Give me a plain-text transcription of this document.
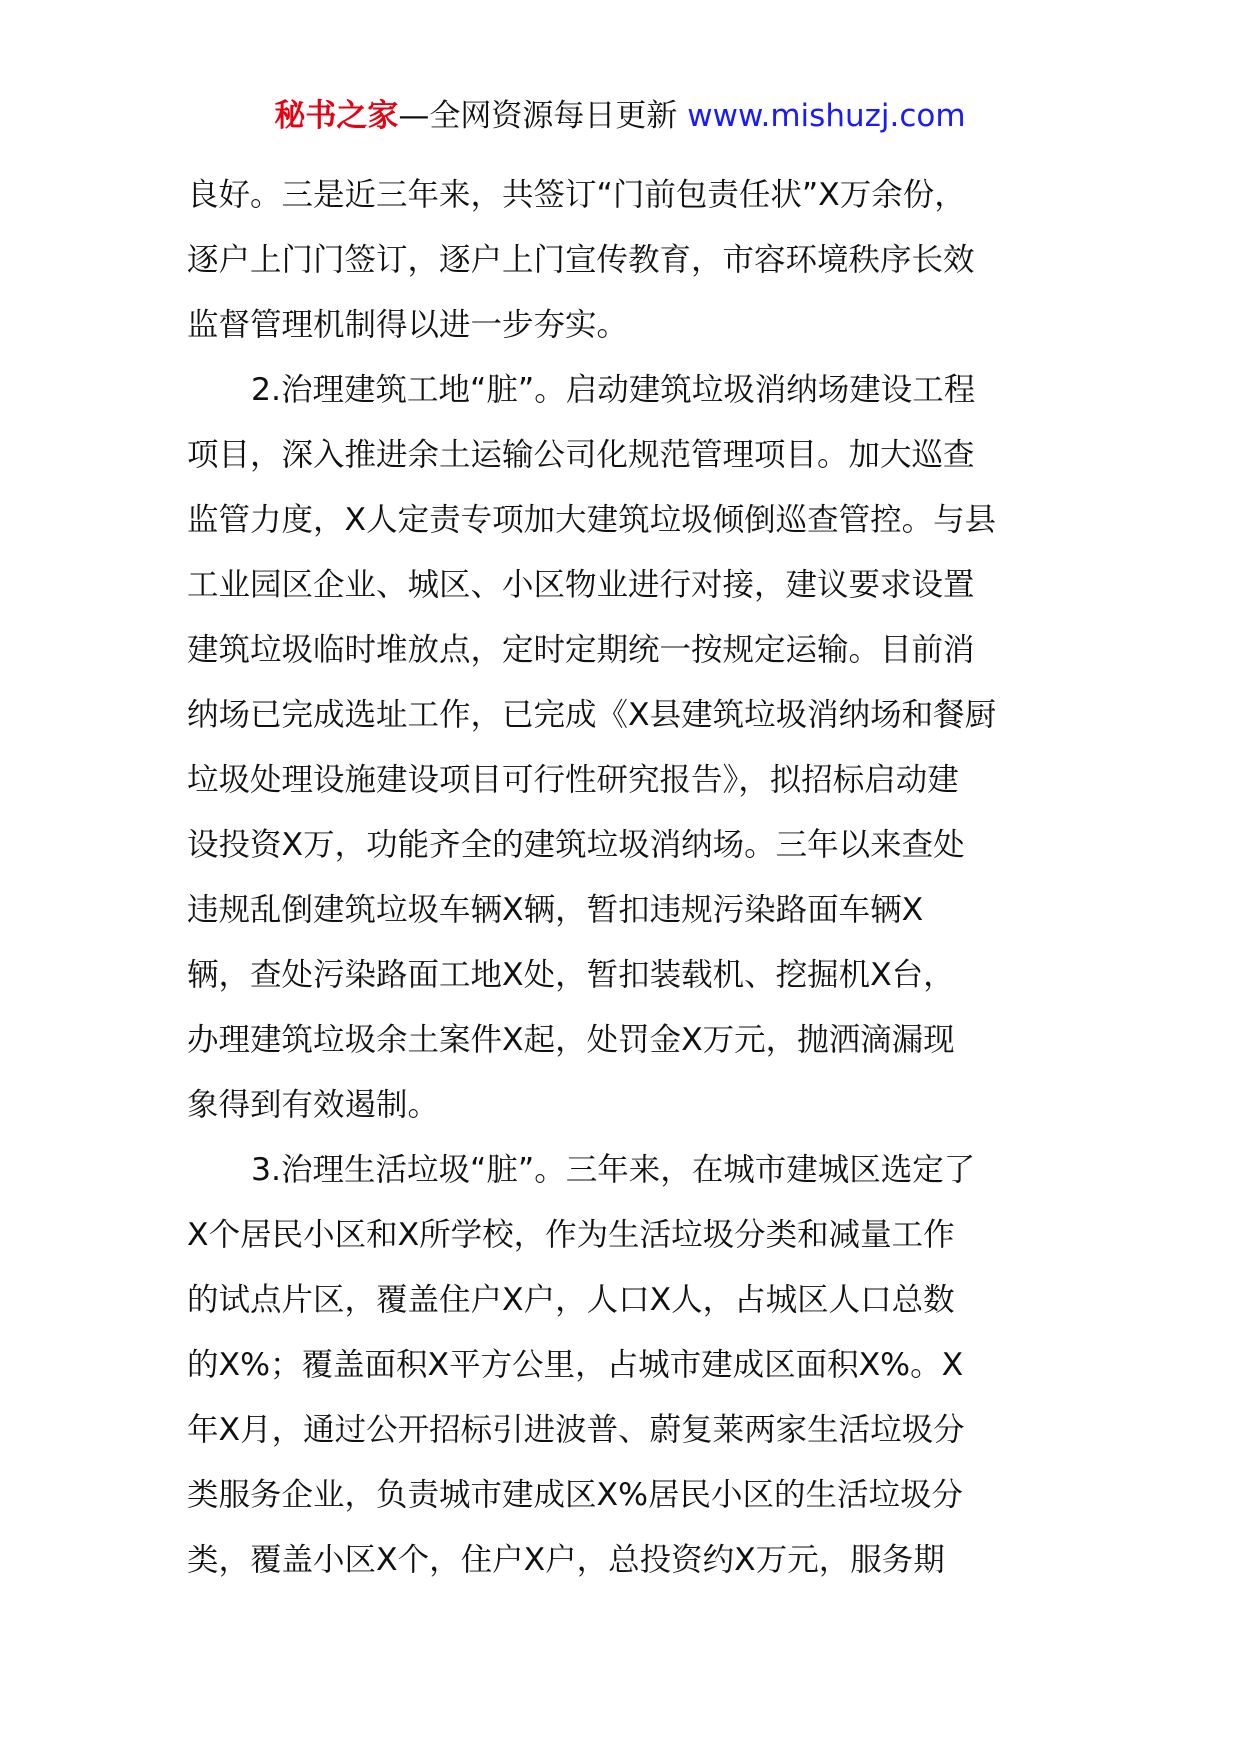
秘书之家—全网资源每日更新 www.mishuzj.com
良好。三是近三年来，共签订“门前包责任状”X万余份，
逐户上门门签订，逐户上门宣传教育，市容环境秩序长效
监督管理机制得以进一步夯实。
2.治理建筑工地“脏”。启动建筑垃圾消纳场建设工程
项目，深入推进余土运输公司化规范管理项目。加大巡查
监管力度，X人定责专项加大建筑垃圾倾倒巡查管控。与县
工业园区企业、城区、小区物业进行对接，建议要求设置
建筑垃圾临时堆放点，定时定期统一按规定运输。目前消
纳场已完成选址工作，已完成《X县建筑垃圾消纳场和餐厨
垃圾处理设施建设项目可行性研究报告》，拟招标启动建
设投资X万，功能齐全的建筑垃圾消纳场。三年以来查处
违规乱倒建筑垃圾车辆X辆，暂扣违规污染路面车辆X
辆，查处污染路面工地X处，暂扣装载机、挖掘机X台，
办理建筑垃圾余土案件X起，处罚金X万元，抛洒滴漏现
象得到有效遏制。
3.治理生活垃圾“脏”。三年来，在城市建城区选定了
X个居民小区和X所学校，作为生活垃圾分类和减量工作
的试点片区，覆盖住户X户，人口X人，占城区人口总数
的X%；覆盖面积X平方公里，占城市建成区面积X%。X
年X月，通过公开招标引进波普、蔚复莱两家生活垃圾分
类服务企业，负责城市建成区X%居民小区的生活垃圾分
类，覆盖小区X个，住户X户，总投资约X万元，服务期
